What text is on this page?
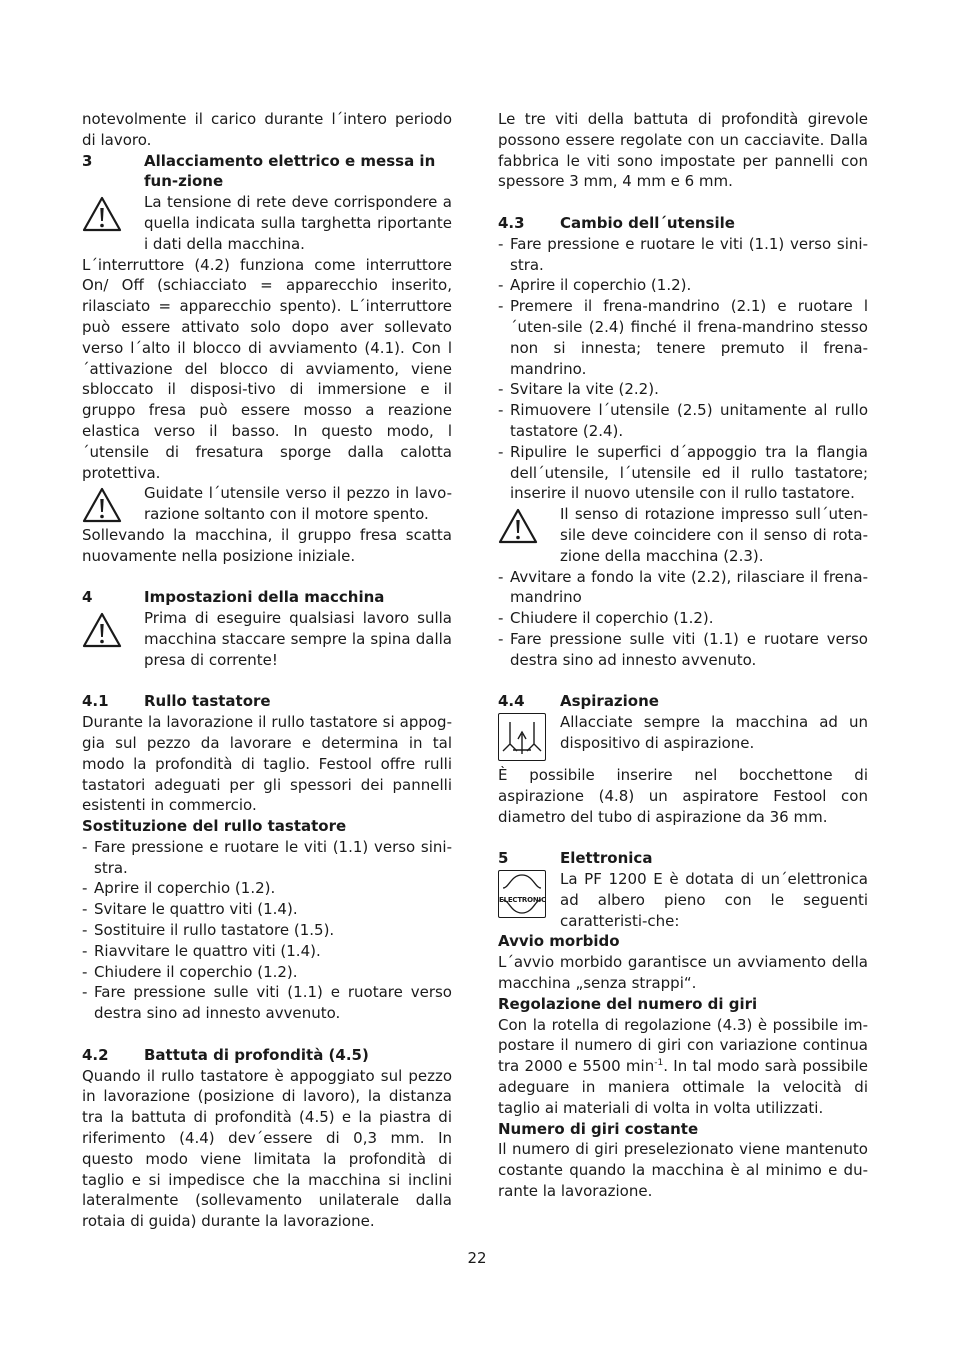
notevolmente il carico durante l´intero periodo di lavoro.

3	Allacciamento elettrico e messa in fun-zione

La tensione di rete deve corrispondere a quella indicata sulla targhetta riportante i dati della macchina.

L´interruttore (4.2) funziona come interruttore On/ Off (schiacciato = apparecchio inserito, rilasciato = apparecchio spento). L´interruttore può essere attivato solo dopo aver sollevato verso l´alto il blocco di avviamento (4.1). Con l´attivazione del blocco di avviamento, viene sbloccato il disposi-tivo di immersione e il gruppo fresa può essere mosso a reazione elastica verso il basso. In questo modo, l´utensile di fresatura sporge dalla calotta protettiva.

Guidate l´utensile verso il pezzo in lavo-razione soltanto con il motore spento.

Sollevando la macchina, il gruppo fresa scatta nuovamente nella posizione iniziale.

4	Impostazioni della macchina

Prima di eseguire qualsiasi lavoro sulla macchina staccare sempre la spina dalla presa di corrente!

4.1	Rullo tastatore

Durante la lavorazione il rullo tastatore si appog-gia sul pezzo da lavorare e determina in tal modo la profondità di taglio. Festool offre rulli tastatori adeguati per gli spessori dei pannelli esistenti in commercio.

Sostituzione del rullo tastatore
- Fare pressione e ruotare le viti (1.1) verso sini-stra.
- Aprire il coperchio (1.2).
- Svitare le quattro viti (1.4).
- Sostituire il rullo tastatore (1.5).
- Riavvitare le quattro viti (1.4).
- Chiudere il coperchio (1.2).
- Fare pressione sulle viti (1.1) e ruotare verso destra sino ad innesto avvenuto.
4.2	Battuta di profondità (4.5)

Quando il rullo tastatore è appoggiato sul pezzo in lavorazione (posizione di lavoro), la distanza tra la battuta di profondità (4.5) e la piastra di riferimento (4.4) dev´essere di 0,3 mm. In questo modo viene limitata la profondità di taglio e si impedisce che la macchina si inclini lateralmente (sollevamento unilaterale dalla rotaia di guida) durante la lavorazione.

Le tre viti della battuta di profondità girevole possono essere regolate con un cacciavite. Dalla fabbrica le viti sono impostate per pannelli con spessore 3 mm, 4 mm e 6 mm.

4.3	Cambio dell´utensile
- Fare pressione e ruotare le viti (1.1) verso sini-stra.
- Aprire il coperchio (1.2).
- Premere il frena-mandrino (2.1) e ruotare l´uten-sile (2.4) finché il frena-mandrino stesso non si innesta; tenere premuto il frena-mandrino.
- Svitare la vite (2.2).
- Rimuovere l´utensile (2.5) unitamente al rullo tastatore (2.4).
- Ripulire le superfici d´appoggio tra la flangia dell´utensile, l´utensile ed il rullo tastatore; inserire il nuovo utensile con il rullo tastatore.

Il senso di rotazione impresso sull´uten-sile deve coincidere con il senso di rota-zione della macchina (2.3).

- Avvitare a fondo la vite (2.2), rilasciare il frena-mandrino
- Chiudere il coperchio (1.2).
- Fare pressione sulle viti (1.1) e ruotare verso destra sino ad innesto avvenuto.
4.4	Aspirazione

Allacciate sempre la macchina ad un dispositivo di aspirazione.

È possibile inserire nel bocchettone di aspirazione (4.8) un aspiratore Festool con diametro del tubo di aspirazione da 36 mm.

5	Elettronica
ELECTRONIC

La PF 1200 E è dotata di un´elettronica ad albero pieno con le seguenti caratteristi-che:

Avvio morbido

L´avvio morbido garantisce un avviamento della macchina „senza strappi“.

Regolazione del numero di giri

Con la rotella di regolazione (4.3) è possibile im-postare il numero di giri con variazione continua tra 2000 e 5500 $\min^{-1}$. In tal modo sarà possibile adeguare in maniera ottimale la velocità di taglio ai materiali di volta in volta utilizzati.

Numero di giri costante

Il numero di giri preselezionato viene mantenuto costante quando la macchina è al minimo e du-rante la lavorazione.

22
